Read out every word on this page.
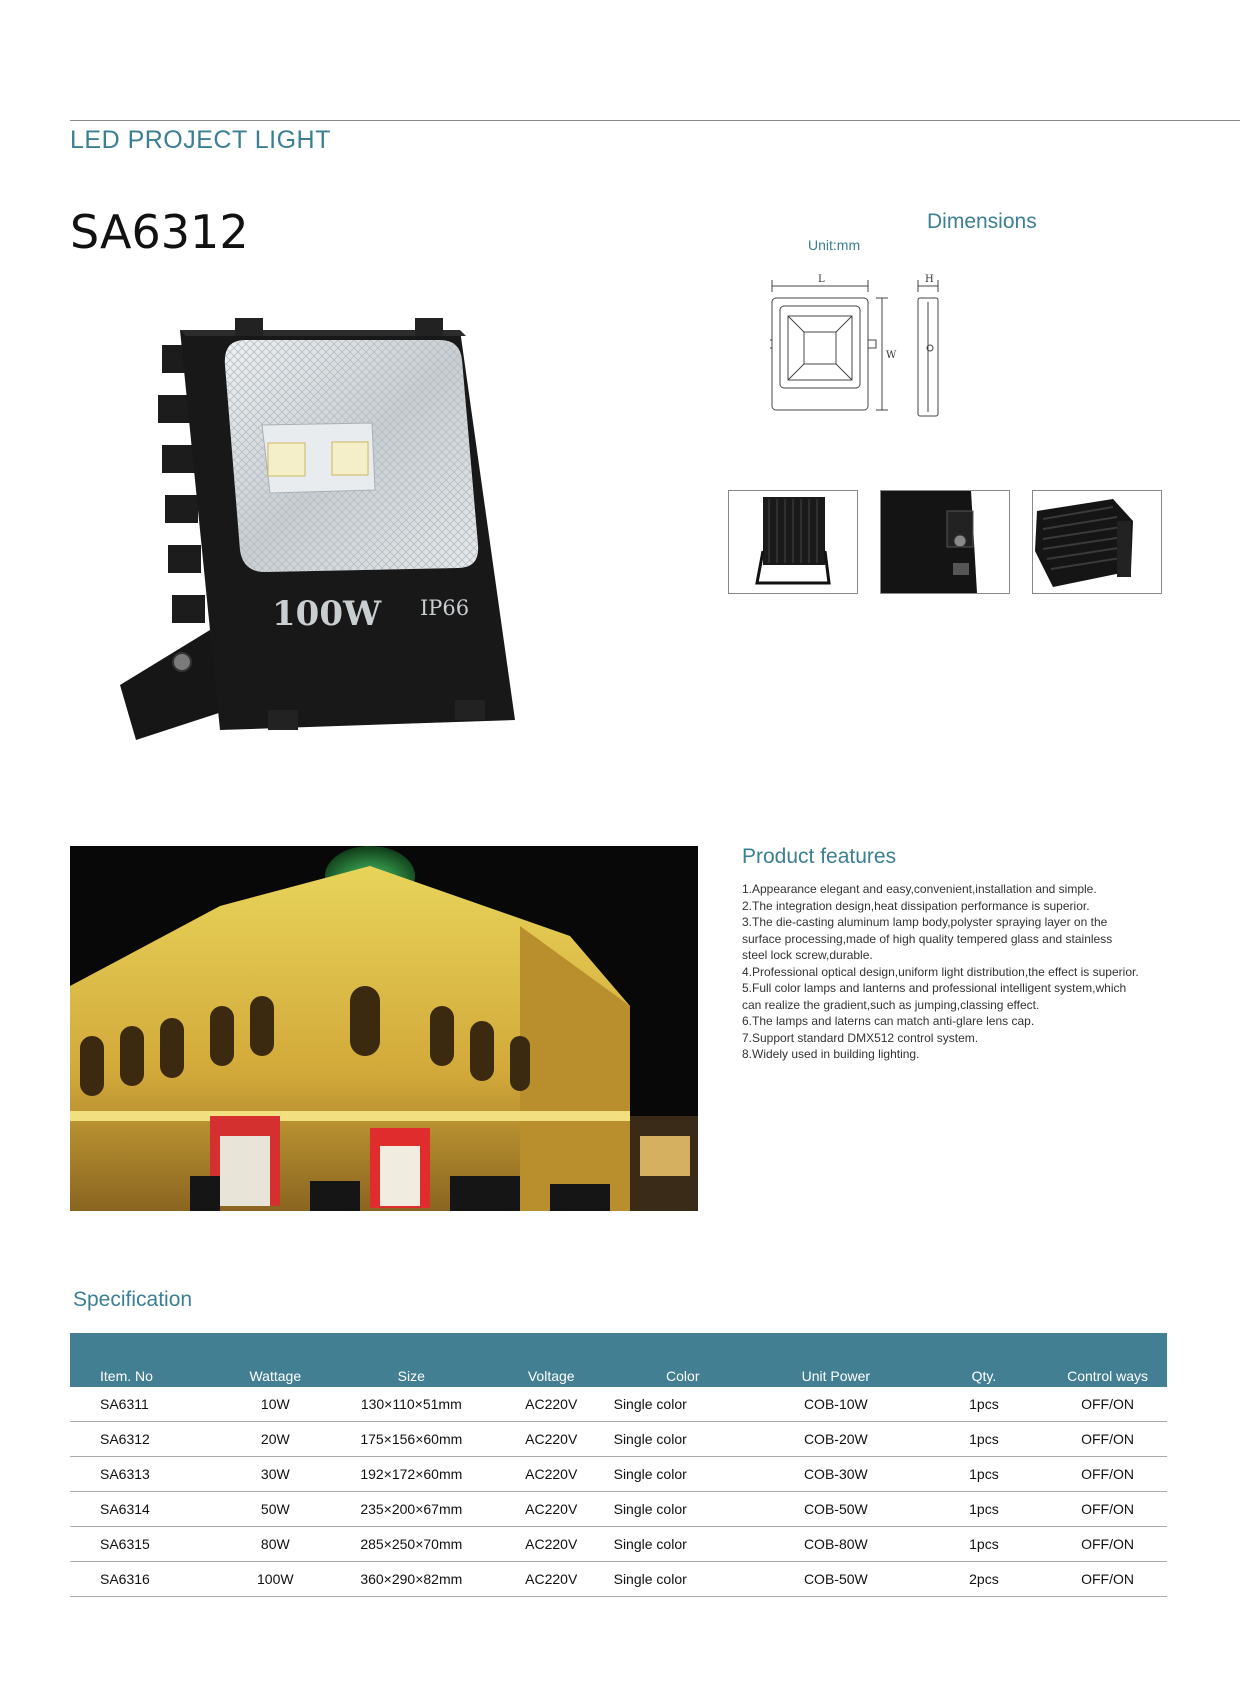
LED PROJECT LIGHT
SA6312
100W IP66
Dimensions
Unit:mm
L	H
W
Product features
1.Appearance elegant and easy,convenient,installation and simple.
2.The integration design,heat dissipation performance is superior.
3.The die-casting aluminum lamp body,polyster spraying layer on the
surface processing,made of high quality tempered glass and stainless
steel lock screw,durable.
4.Professional optical design,uniform light distribution,the effect is superior.
5.Full color lamps and lanterns and professional intelligent system,which
can realize the gradient,such as jumping,classing effect.
6.The lamps and laterns can match anti-glare lens cap.
7.Support standard DMX512 control system.
8.Widely used in building lighting.
Specification
Item. No	Wattage	Size	Voltage	Color	Unit Power	Qty.	Control ways
SA6311	10W	130×110×51mm	AC220V	Single color	COB-10W	1pcs	OFF/ON
SA6312	20W	175×156×60mm	AC220V	Single color	COB-20W	1pcs	OFF/ON
SA6313	30W	192×172×60mm	AC220V	Single color	COB-30W	1pcs	OFF/ON
SA6314	50W	235×200×67mm	AC220V	Single color	COB-50W	1pcs	OFF/ON
SA6315	80W	285×250×70mm	AC220V	Single color	COB-80W	1pcs	OFF/ON
SA6316	100W	360×290×82mm	AC220V	Single color	COB-50W	2pcs	OFF/ON
